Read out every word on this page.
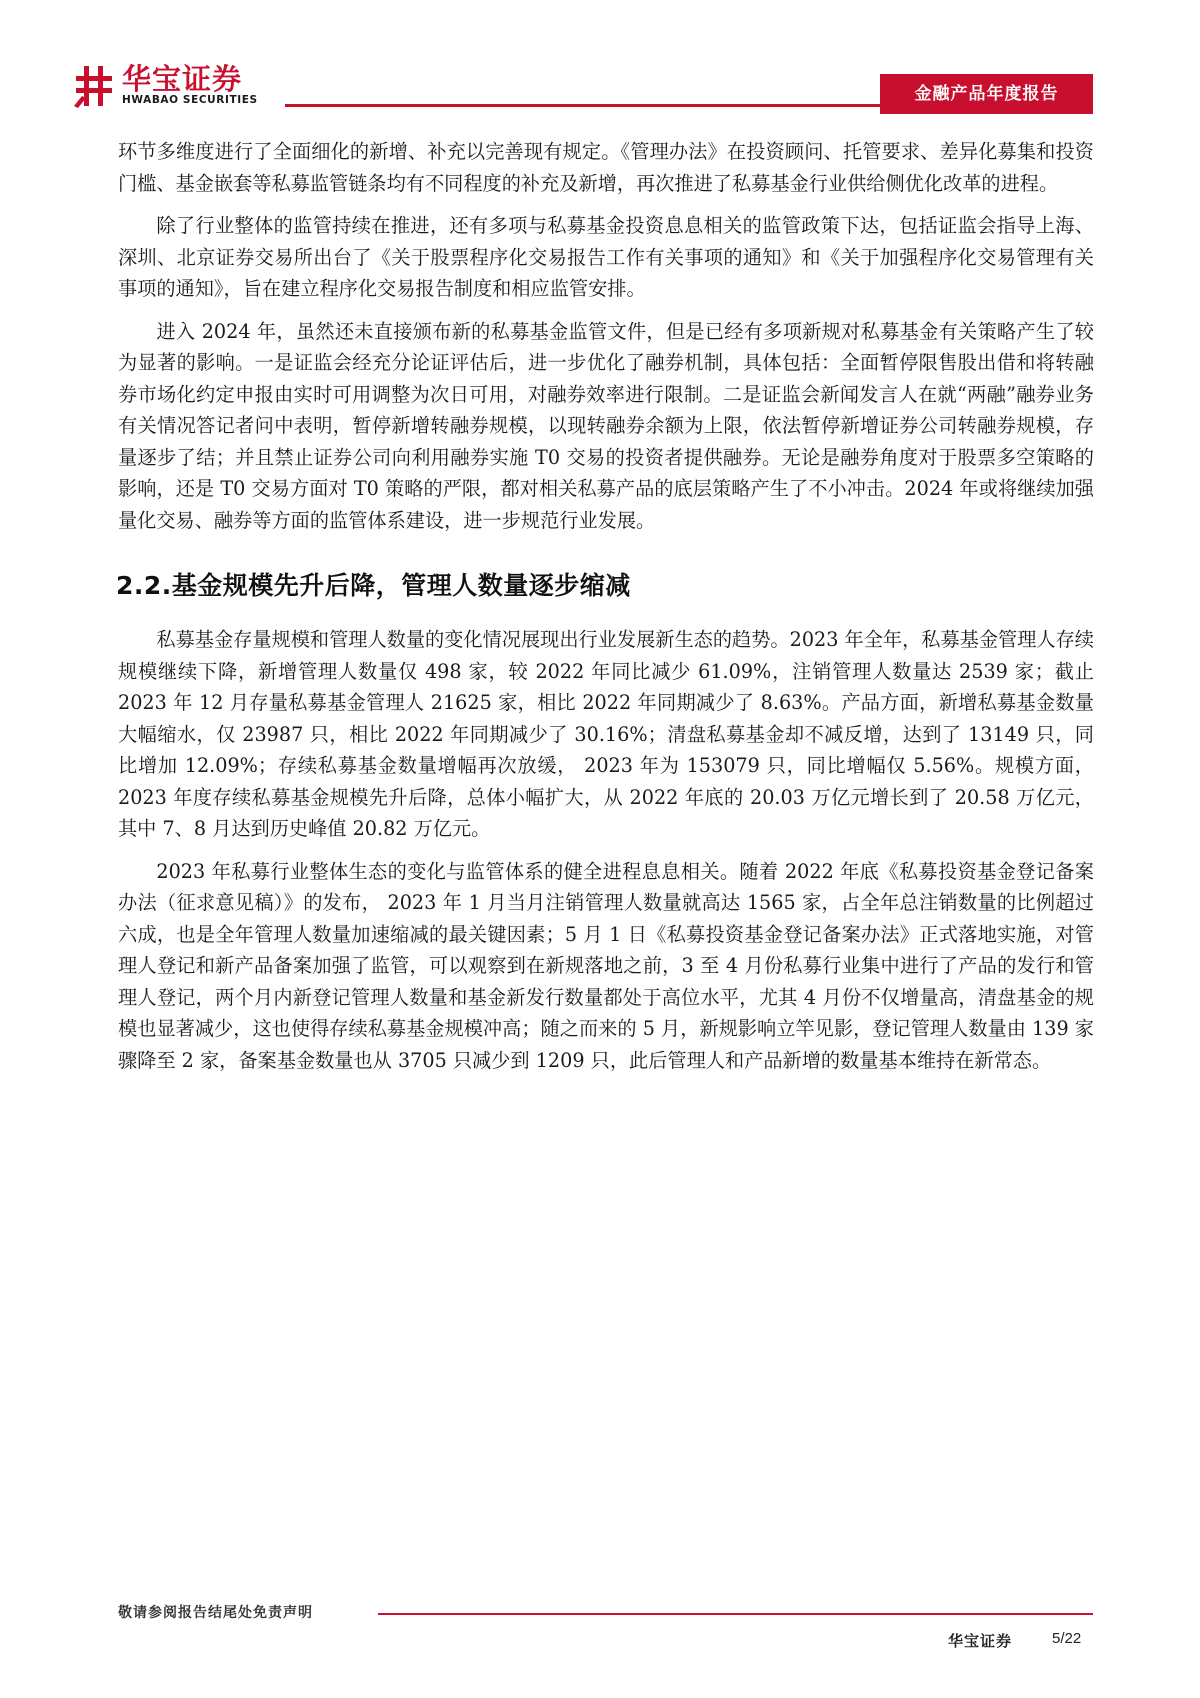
华宝证券
HWABAO SECURITIES	金融产品年度报告

环节多维度进行了全面细化的新增、补充以完善现有规定。《管理办法》在投资顾问、托管要求、差异化募集和投资门槛、基金嵌套等私募监管链条均有不同程度的补充及新增，再次推进了私募基金行业供给侧优化改革的进程。

除了行业整体的监管持续在推进，还有多项与私募基金投资息息相关的监管政策下达，包括证监会指导上海、深圳、北京证券交易所出台了《关于股票程序化交易报告工作有关事项的通知》和《关于加强程序化交易管理有关事项的通知》，旨在建立程序化交易报告制度和相应监管安排。

进入 2024 年，虽然还未直接颁布新的私募基金监管文件，但是已经有多项新规对私募基金有关策略产生了较为显著的影响。一是证监会经充分论证评估后，进一步优化了融券机制，具体包括：全面暂停限售股出借和将转融券市场化约定申报由实时可用调整为次日可用，对融券效率进行限制。二是证监会新闻发言人在就“两融”融券业务有关情况答记者问中表明，暂停新增转融券规模，以现转融券余额为上限，依法暂停新增证券公司转融券规模，存量逐步了结；并且禁止证券公司向利用融券实施 T0 交易的投资者提供融券。无论是融券角度对于股票多空策略的影响，还是 T0 交易方面对 T0 策略的严限，都对相关私募产品的底层策略产生了不小冲击。2024 年或将继续加强量化交易、融券等方面的监管体系建设，进一步规范行业发展。

2.2.基金规模先升后降，管理人数量逐步缩减

私募基金存量规模和管理人数量的变化情况展现出行业发展新生态的趋势。2023 年全年，私募基金管理人存续规模继续下降，新增管理人数量仅 498 家，较 2022 年同比减少 61.09%，注销管理人数量达 2539 家；截止 2023 年 12 月存量私募基金管理人 21625 家，相比 2022 年同期减少了 8.63%。产品方面，新增私募基金数量大幅缩水，仅 23987 只，相比 2022 年同期减少了 30.16%；清盘私募基金却不减反增，达到了 13149 只，同比增加 12.09%；存续私募基金数量增幅再次放缓， 2023 年为 153079 只，同比增幅仅 5.56%。规模方面，2023 年度存续私募基金规模先升后降，总体小幅扩大，从 2022 年底的 20.03 万亿元增长到了 20.58 万亿元，其中 7、8 月达到历史峰值 20.82 万亿元。

2023 年私募行业整体生态的变化与监管体系的健全进程息息相关。随着 2022 年底《私募投资基金登记备案办法（征求意见稿）》的发布， 2023 年 1 月当月注销管理人数量就高达 1565 家，占全年总注销数量的比例超过六成，也是全年管理人数量加速缩减的最关键因素；5 月 1 日《私募投资基金登记备案办法》正式落地实施，对管理人登记和新产品备案加强了监管，可以观察到在新规落地之前，3 至 4 月份私募行业集中进行了产品的发行和管理人登记，两个月内新登记管理人数量和基金新发行数量都处于高位水平，尤其 4 月份不仅增量高，清盘基金的规模也显著减少，这也使得存续私募基金规模冲高；随之而来的 5 月，新规影响立竿见影，登记管理人数量由 139 家骤降至 2 家，备案基金数量也从 3705 只减少到 1209 只，此后管理人和产品新增的数量基本维持在新常态。

敬请参阅报告结尾处免责声明
华宝证券	5/22
